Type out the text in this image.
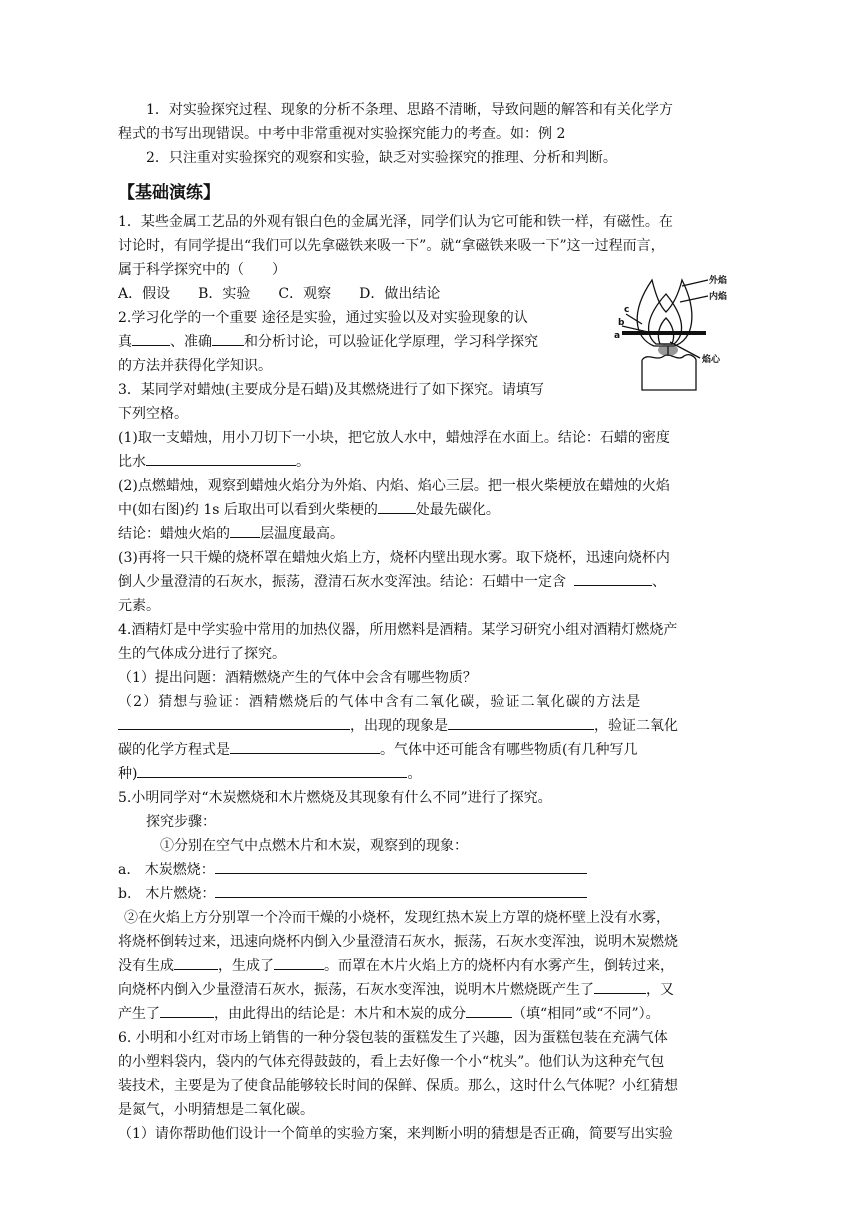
1．对实验探究过程、现象的分析不条理、思路不清晰，导致问题的解答和有关化学方

程式的书写出现错误。中考中非常重视对实验探究能力的考查。如：例 2

2．只注重对实验探究的观察和实验，缺乏对实验探究的推理、分析和判断。

【基础演练】

1．某些金属工艺品的外观有银白色的金属光泽，同学们认为它可能和铁一样，有磁性。在

讨论时，有同学提出“我们可以先拿磁铁来吸一下”。就“拿磁铁来吸一下”这一过程而言，

属于科学探究中的（　　）

A．假设　　B．实验　　C．观察　　D．做出结论

2.学习化学的一个重要 途径是实验，通过实验以及对实验现象的认

真	、准确 和分析讨论，可以验证化学原理，学习科学探究

的方法并获得化学知识。

3．某同学对蜡烛(主要成分是石蜡)及其燃烧进行了如下探究。请填写

下列空格。

(1)取一支蜡烛，用小刀切下一小块，把它放人水中，蜡烛浮在水面上。结论：石蜡的密度

比水	。

(2)点燃蜡烛，观察到蜡烛火焰分为外焰、内焰、焰心三层。把一根火柴梗放在蜡烛的火焰

中(如右图)约 1s 后取出可以看到火柴梗的	处最先碳化。

结论：蜡烛火焰的 层温度最高。

(3)再将一只干燥的烧杯罩在蜡烛火焰上方，烧杯内壁出现水雾。取下烧杯，迅速向烧杯内

倒人少量澄清的石灰水，振荡，澄清石灰水变浑浊。结论：石蜡中一定含	、

元素。

4.酒精灯是中学实验中常用的加热仪器，所用燃料是酒精。某学习研究小组对酒精灯燃烧产

生的气体成分进行了探究。

（1）提出问题：酒精燃烧产生的气体中会含有哪些物质？

（2）猜想与验证：酒精燃烧后的气体中含有二氧化碳，验证二氧化碳的方法是

，出现的现象是	，验证二氧化

碳的化学方程式是	。气体中还可能含有哪些物质(有几种写几

种)	。

5.小明同学对“木炭燃烧和木片燃烧及其现象有什么不同”进行了探究。

探究步骤：

①分别在空气中点燃木片和木炭，观察到的现象：

a.　木炭燃烧：

b.　木片燃烧：

②在火焰上方分别罩一个冷而干燥的小烧杯，发现红热木炭上方罩的烧杯壁上没有水雾，

将烧杯倒转过来，迅速向烧杯内倒入少量澄清石灰水，振荡，石灰水变浑浊，说明木炭燃烧

没有生成	，生成了	。而罩在木片火焰上方的烧杯内有水雾产生，倒转过来，

向烧杯内倒入少量澄清石灰水，振荡，石灰水变浑浊，说明木片燃烧既产生了	，又

产生了	，由此得出的结论是：木片和木炭的成分	（填“相同”或“不同”）。

6. 小明和小红对市场上销售的一种分袋包装的蛋糕发生了兴趣，因为蛋糕包装在充满气体

的小塑料袋内，袋内的气体充得鼓鼓的，看上去好像一个小“枕头”。他们认为这种充气包

装技术，主要是为了使食品能够较长时间的保鲜、保质。那么，这时什么气体呢？小红猜想

是氮气，小明猜想是二氧化碳。

（1）请你帮助他们设计一个简单的实验方案，来判断小明的猜想是否正确，简要写出实验

外焰
内焰
焰心
c
b
a
